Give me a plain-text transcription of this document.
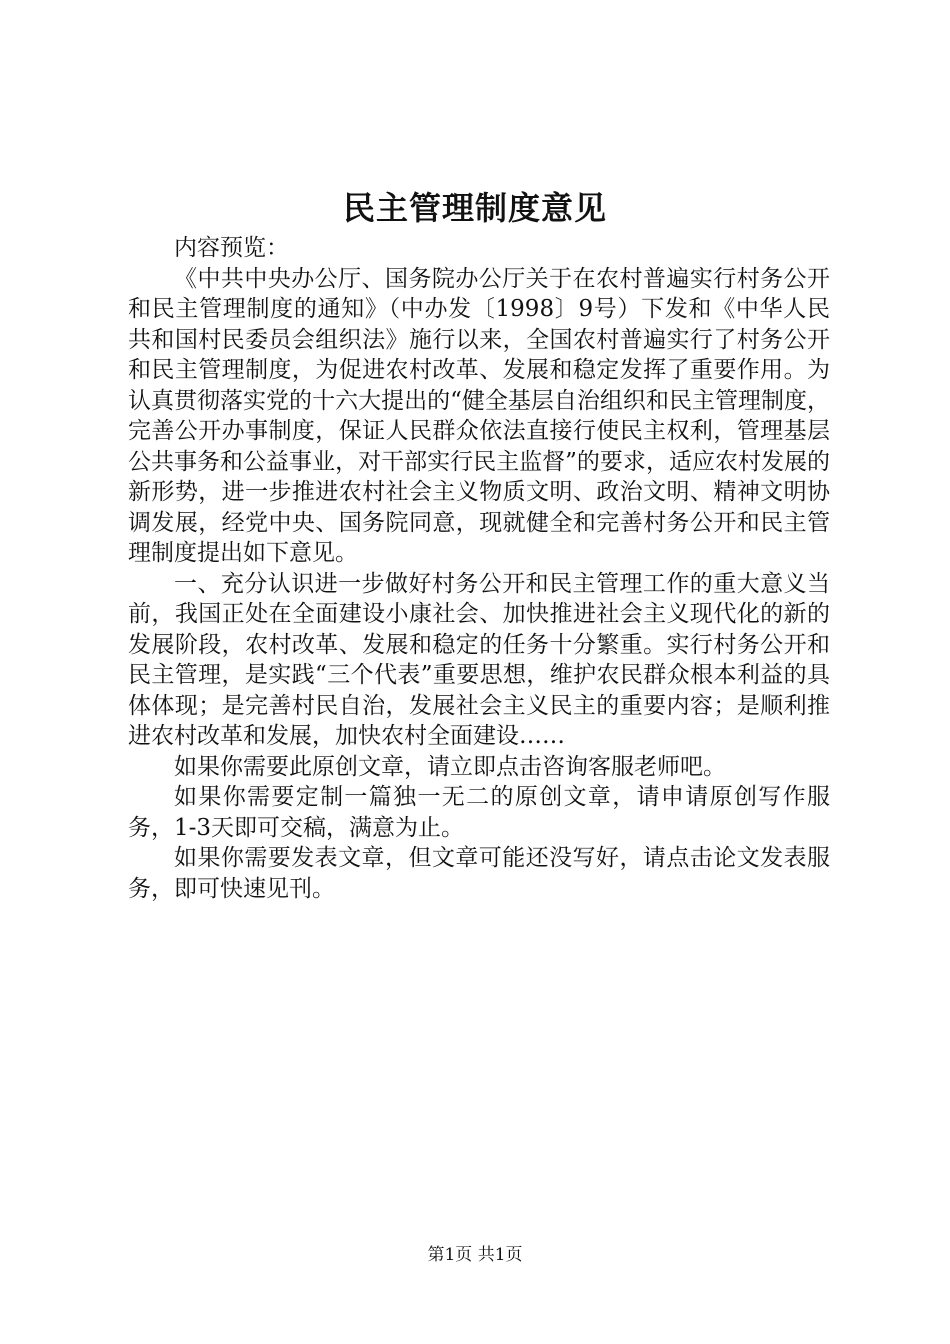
民主管理制度意见

内容预览：

《中共中央办公厅、国务院办公厅关于在农村普遍实行村务公开和民主管理制度的通知》（中办发〔1998〕9号）下发和《中华人民共和国村民委员会组织法》施行以来，全国农村普遍实行了村务公开和民主管理制度，为促进农村改革、发展和稳定发挥了重要作用。为认真贯彻落实党的十六大提出的“健全基层自治组织和民主管理制度，完善公开办事制度，保证人民群众依法直接行使民主权利，管理基层公共事务和公益事业，对干部实行民主监督”的要求，适应农村发展的新形势，进一步推进农村社会主义物质文明、政治文明、精神文明协调发展，经党中央、国务院同意，现就健全和完善村务公开和民主管理制度提出如下意见。

一、充分认识进一步做好村务公开和民主管理工作的重大意义当前，我国正处在全面建设小康社会、加快推进社会主义现代化的新的发展阶段，农村改革、发展和稳定的任务十分繁重。实行村务公开和民主管理，是实践“三个代表”重要思想，维护农民群众根本利益的具体体现；是完善村民自治，发展社会主义民主的重要内容；是顺利推进农村改革和发展，加快农村全面建设……

如果你需要此原创文章，请立即点击咨询客服老师吧。

如果你需要定制一篇独一无二的原创文章，请申请原创写作服务，1-3天即可交稿，满意为止。

如果你需要发表文章，但文章可能还没写好，请点击论文发表服务，即可快速见刊。

第1页 共1页
